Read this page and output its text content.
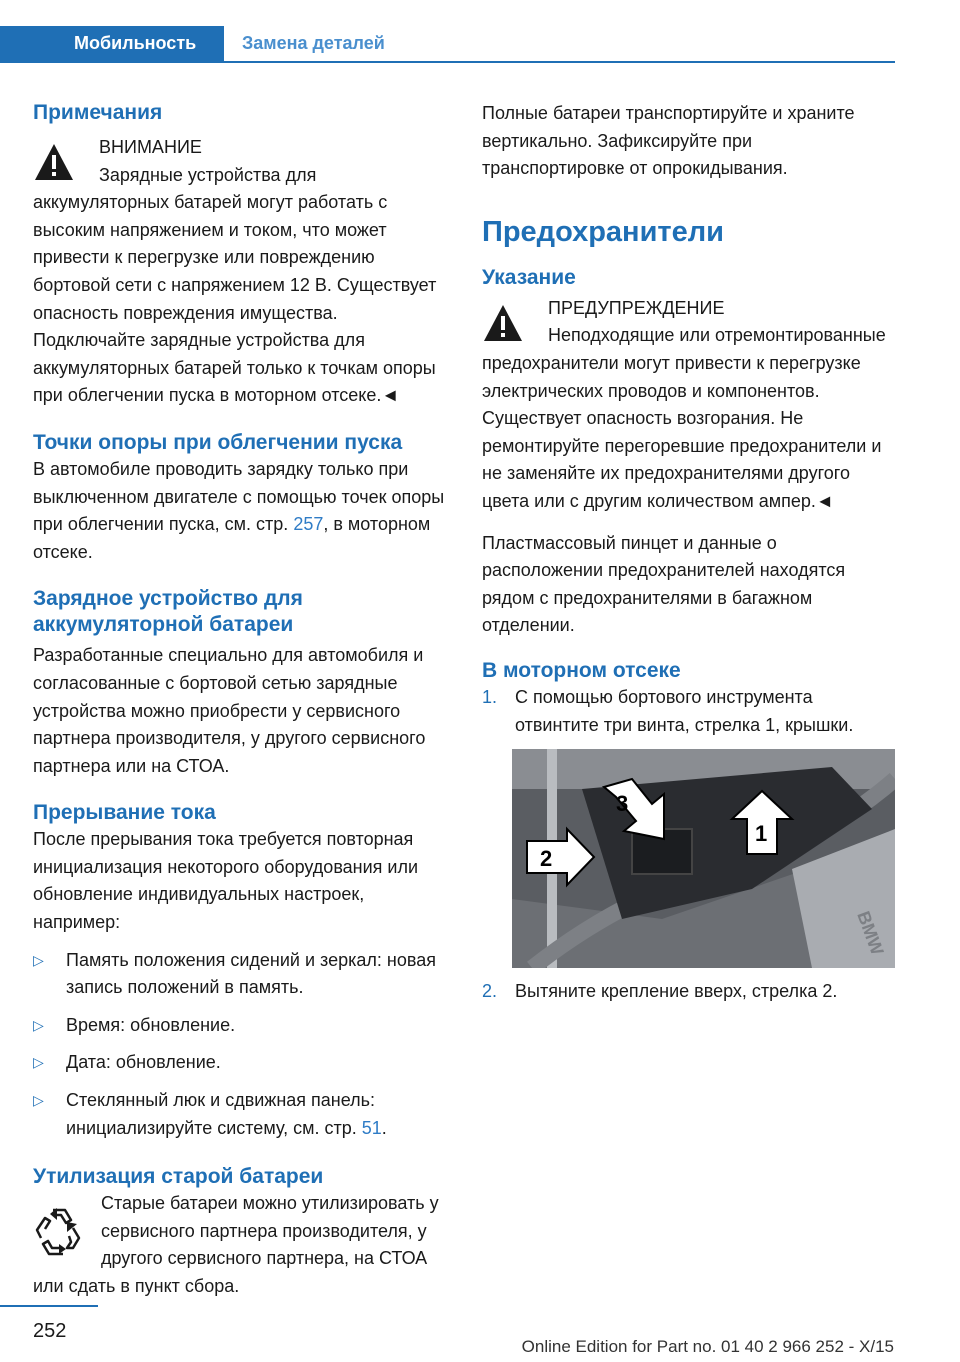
Мобильность	Замена деталей

Примечания

ВНИМАНИЕ

Зарядные устройства для аккумуляторных батарей могут работать с высоким напряжением и током, что может привести к перегрузке или повреждению бортовой сети с напряжением 12 В. Существует опасность повреждения имущества. Подключайте зарядные устройства для аккумуляторных батарей только к точкам опоры при облегчении пуска в моторном отсеке.◄

Точки опоры при облегчении пуска

В автомобиле проводить зарядку только при выключенном двигателе с помощью точек опоры при облегчении пуска, см. стр. 257, в моторном отсеке.

Зарядное устройство для аккумуляторной батареи

Разработанные специально для автомобиля и согласованные с бортовой сетью зарядные устройства можно приобрести у сервисного партнера производителя, у другого сервисного партнера или на СТОА.

Прерывание тока

После прерывания тока требуется повторная инициализация некоторого оборудования или обновление индивидуальных настроек, например:

▷ Память положения сидений и зеркал: новая запись положений в память.
▷ Время: обновление.
▷ Дата: обновление.
▷ Стеклянный люк и сдвижная панель: инициализируйте систему, см. стр. 51.

Утилизация старой батареи

Старые батареи можно утилизировать у сервисного партнера производителя, у другого сервисного партнера, на СТОА или сдать в пункт сбора.

Полные батареи транспортируйте и храните вертикально. Зафиксируйте при транспортировке от опрокидывания.

Предохранители

Указание

ПРЕДУПРЕЖДЕНИЕ

Неподходящие или отремонтированные предохранители могут привести к перегрузке электрических проводов и компонентов. Существует опасность возгорания. Не ремонтируйте перегоревшие предохранители и не заменяйте их предохранителями другого цвета или с другим количеством ампер.◄

Пластмассовый пинцет и данные о расположении предохранителей находятся рядом с предохранителями в багажном отделении.

В моторном отсеке

1. С помощью бортового инструмента отвинтите три винта, стрелка 1, крышки.
BMW
1
2
3
2. Вытяните крепление вверх, стрелка 2.
252
Online Edition for Part no. 01 40 2 966 252 - X/15
